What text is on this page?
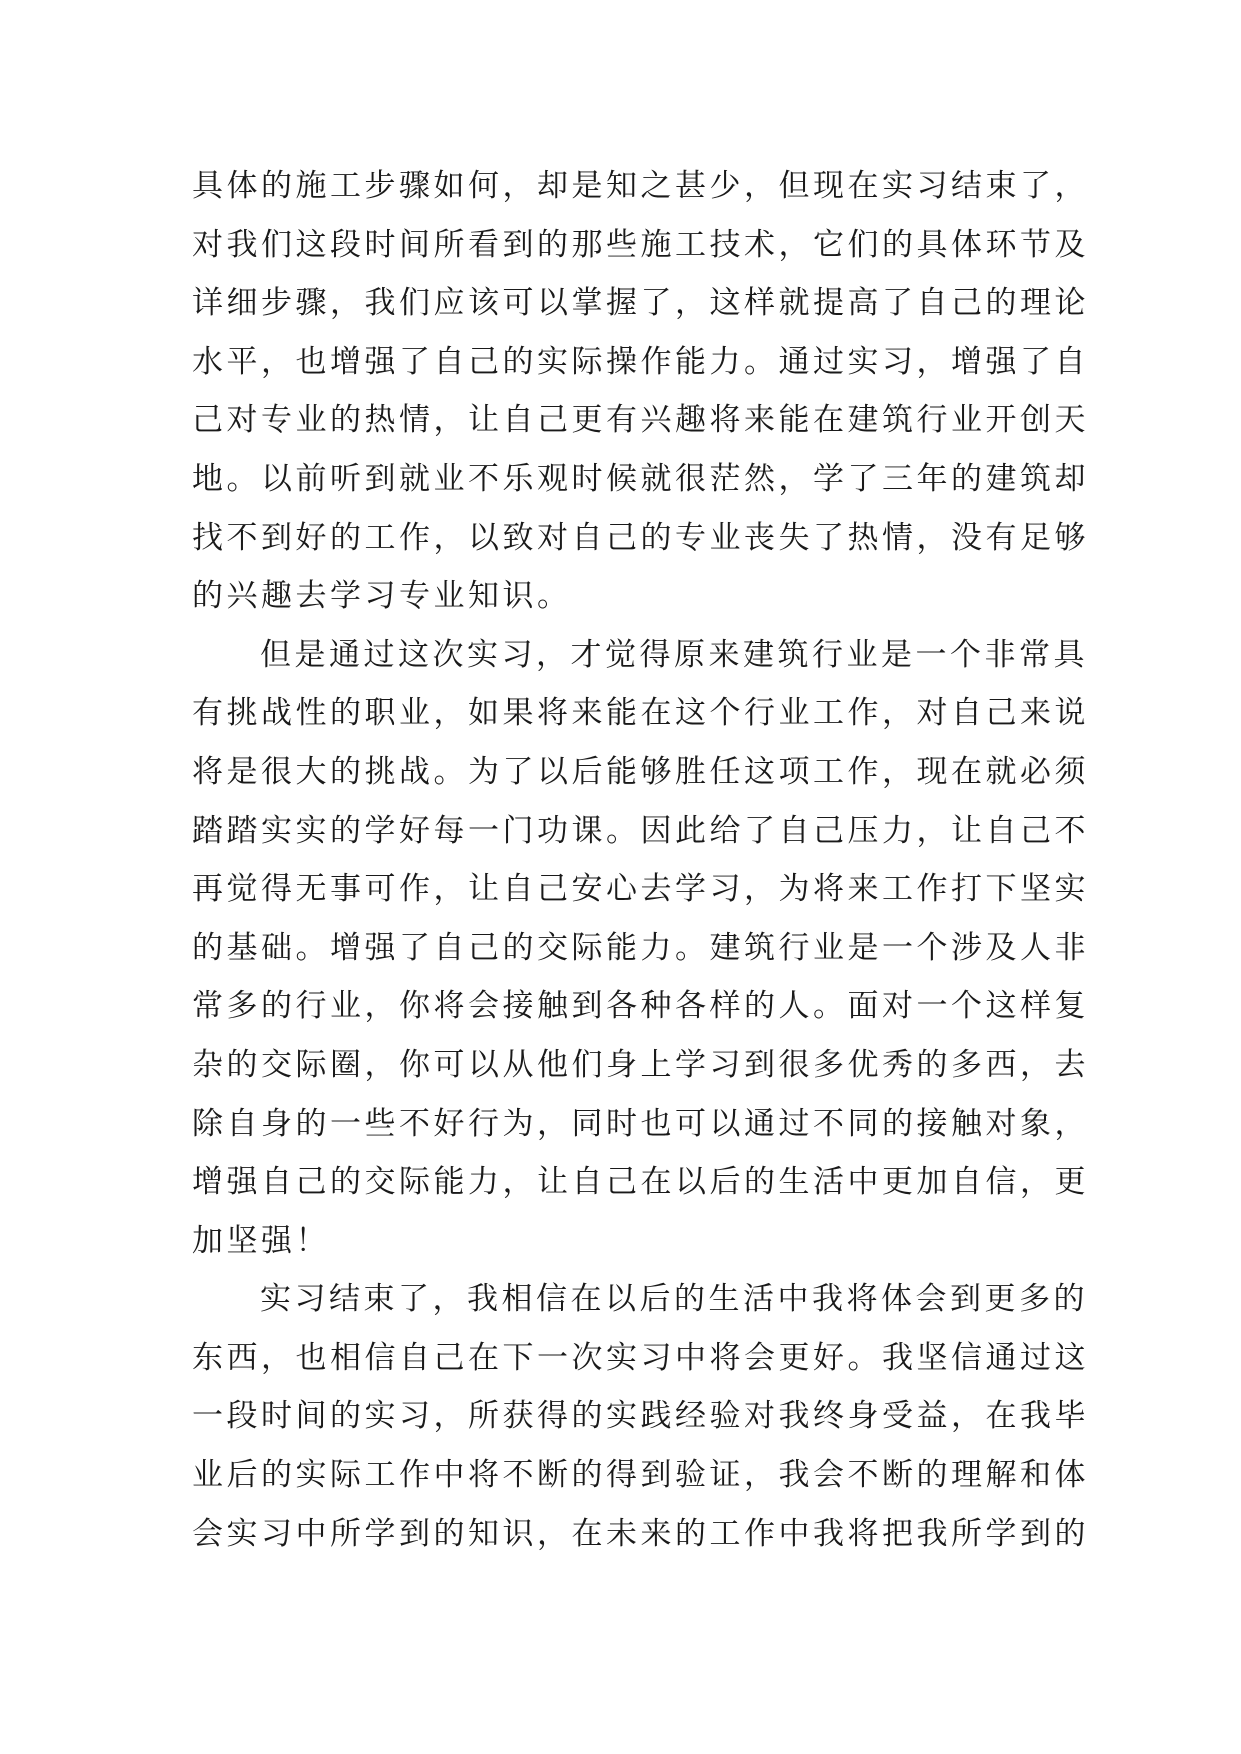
具体的施工步骤如何，却是知之甚少，但现在实习结束了，
对我们这段时间所看到的那些施工技术，它们的具体环节及
详细步骤，我们应该可以掌握了，这样就提高了自己的理论
水平，也增强了自己的实际操作能力。通过实习，增强了自
己对专业的热情，让自己更有兴趣将来能在建筑行业开创天
地。以前听到就业不乐观时候就很茫然，学了三年的建筑却
找不到好的工作，以致对自己的专业丧失了热情，没有足够
的兴趣去学习专业知识。
但是通过这次实习，才觉得原来建筑行业是一个非常具
有挑战性的职业，如果将来能在这个行业工作，对自己来说
将是很大的挑战。为了以后能够胜任这项工作，现在就必须
踏踏实实的学好每一门功课。因此给了自己压力，让自己不
再觉得无事可作，让自己安心去学习，为将来工作打下坚实
的基础。增强了自己的交际能力。建筑行业是一个涉及人非
常多的行业，你将会接触到各种各样的人。面对一个这样复
杂的交际圈，你可以从他们身上学习到很多优秀的多西，去
除自身的一些不好行为，同时也可以通过不同的接触对象，
增强自己的交际能力，让自己在以后的生活中更加自信，更
加坚强！
实习结束了，我相信在以后的生活中我将体会到更多的
东西，也相信自己在下一次实习中将会更好。我坚信通过这
一段时间的实习，所获得的实践经验对我终身受益，在我毕
业后的实际工作中将不断的得到验证，我会不断的理解和体
会实习中所学到的知识，在未来的工作中我将把我所学到的
